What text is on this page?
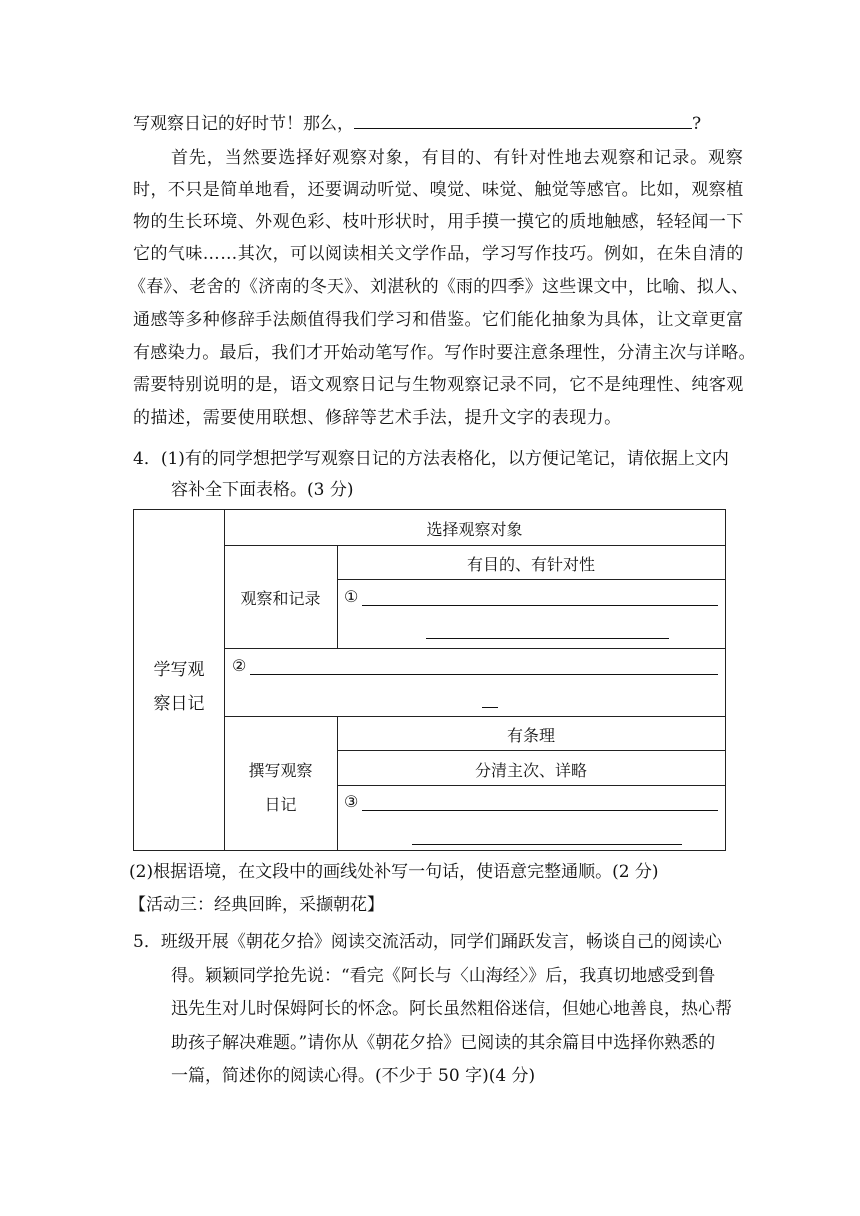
写观察日记的好时节！那么，	?
首先，当然要选择好观察对象，有目的、有针对性地去观察和记录。观察
时，不只是简单地看，还要调动听觉、嗅觉、味觉、触觉等感官。比如，观察植
物的生长环境、外观色彩、枝叶形状时，用手摸一摸它的质地触感，轻轻闻一下
它的气味……其次，可以阅读相关文学作品，学习写作技巧。例如，在朱自清的
《春》、老舍的《济南的冬天》、刘湛秋的《雨的四季》这些课文中，比喻、拟人、
通感等多种修辞手法颇值得我们学习和借鉴。它们能化抽象为具体，让文章更富
有感染力。最后，我们才开始动笔写作。写作时要注意条理性，分清主次与详略。
需要特别说明的是，语文观察日记与生物观察记录不同，它不是纯理性、纯客观
的描述，需要使用联想、修辞等艺术手法，提升文字的表现力。
4．(1)有的同学想把学写观察日记的方法表格化，以方便记笔记，请依据上文内
容补全下面表格。(3 分)
学写观
察日记
选择观察对象
观察和记录
有目的、有针对性
①
②
撰写观察
日记
有条理
分清主次、详略
③
(2)根据语境，在文段中的画线处补写一句话，使语意完整通顺。(2 分)
【活动三：经典回眸，采撷朝花】
5．班级开展《朝花夕拾》阅读交流活动，同学们踊跃发言，畅谈自己的阅读心
得。颖颖同学抢先说：“看完《阿长与〈山海经〉》后，我真切地感受到鲁
迅先生对儿时保姆阿长的怀念。阿长虽然粗俗迷信，但她心地善良，热心帮
助孩子解决难题。”请你从《朝花夕拾》已阅读的其余篇目中选择你熟悉的
一篇，简述你的阅读心得。(不少于 50 字)(4 分)
